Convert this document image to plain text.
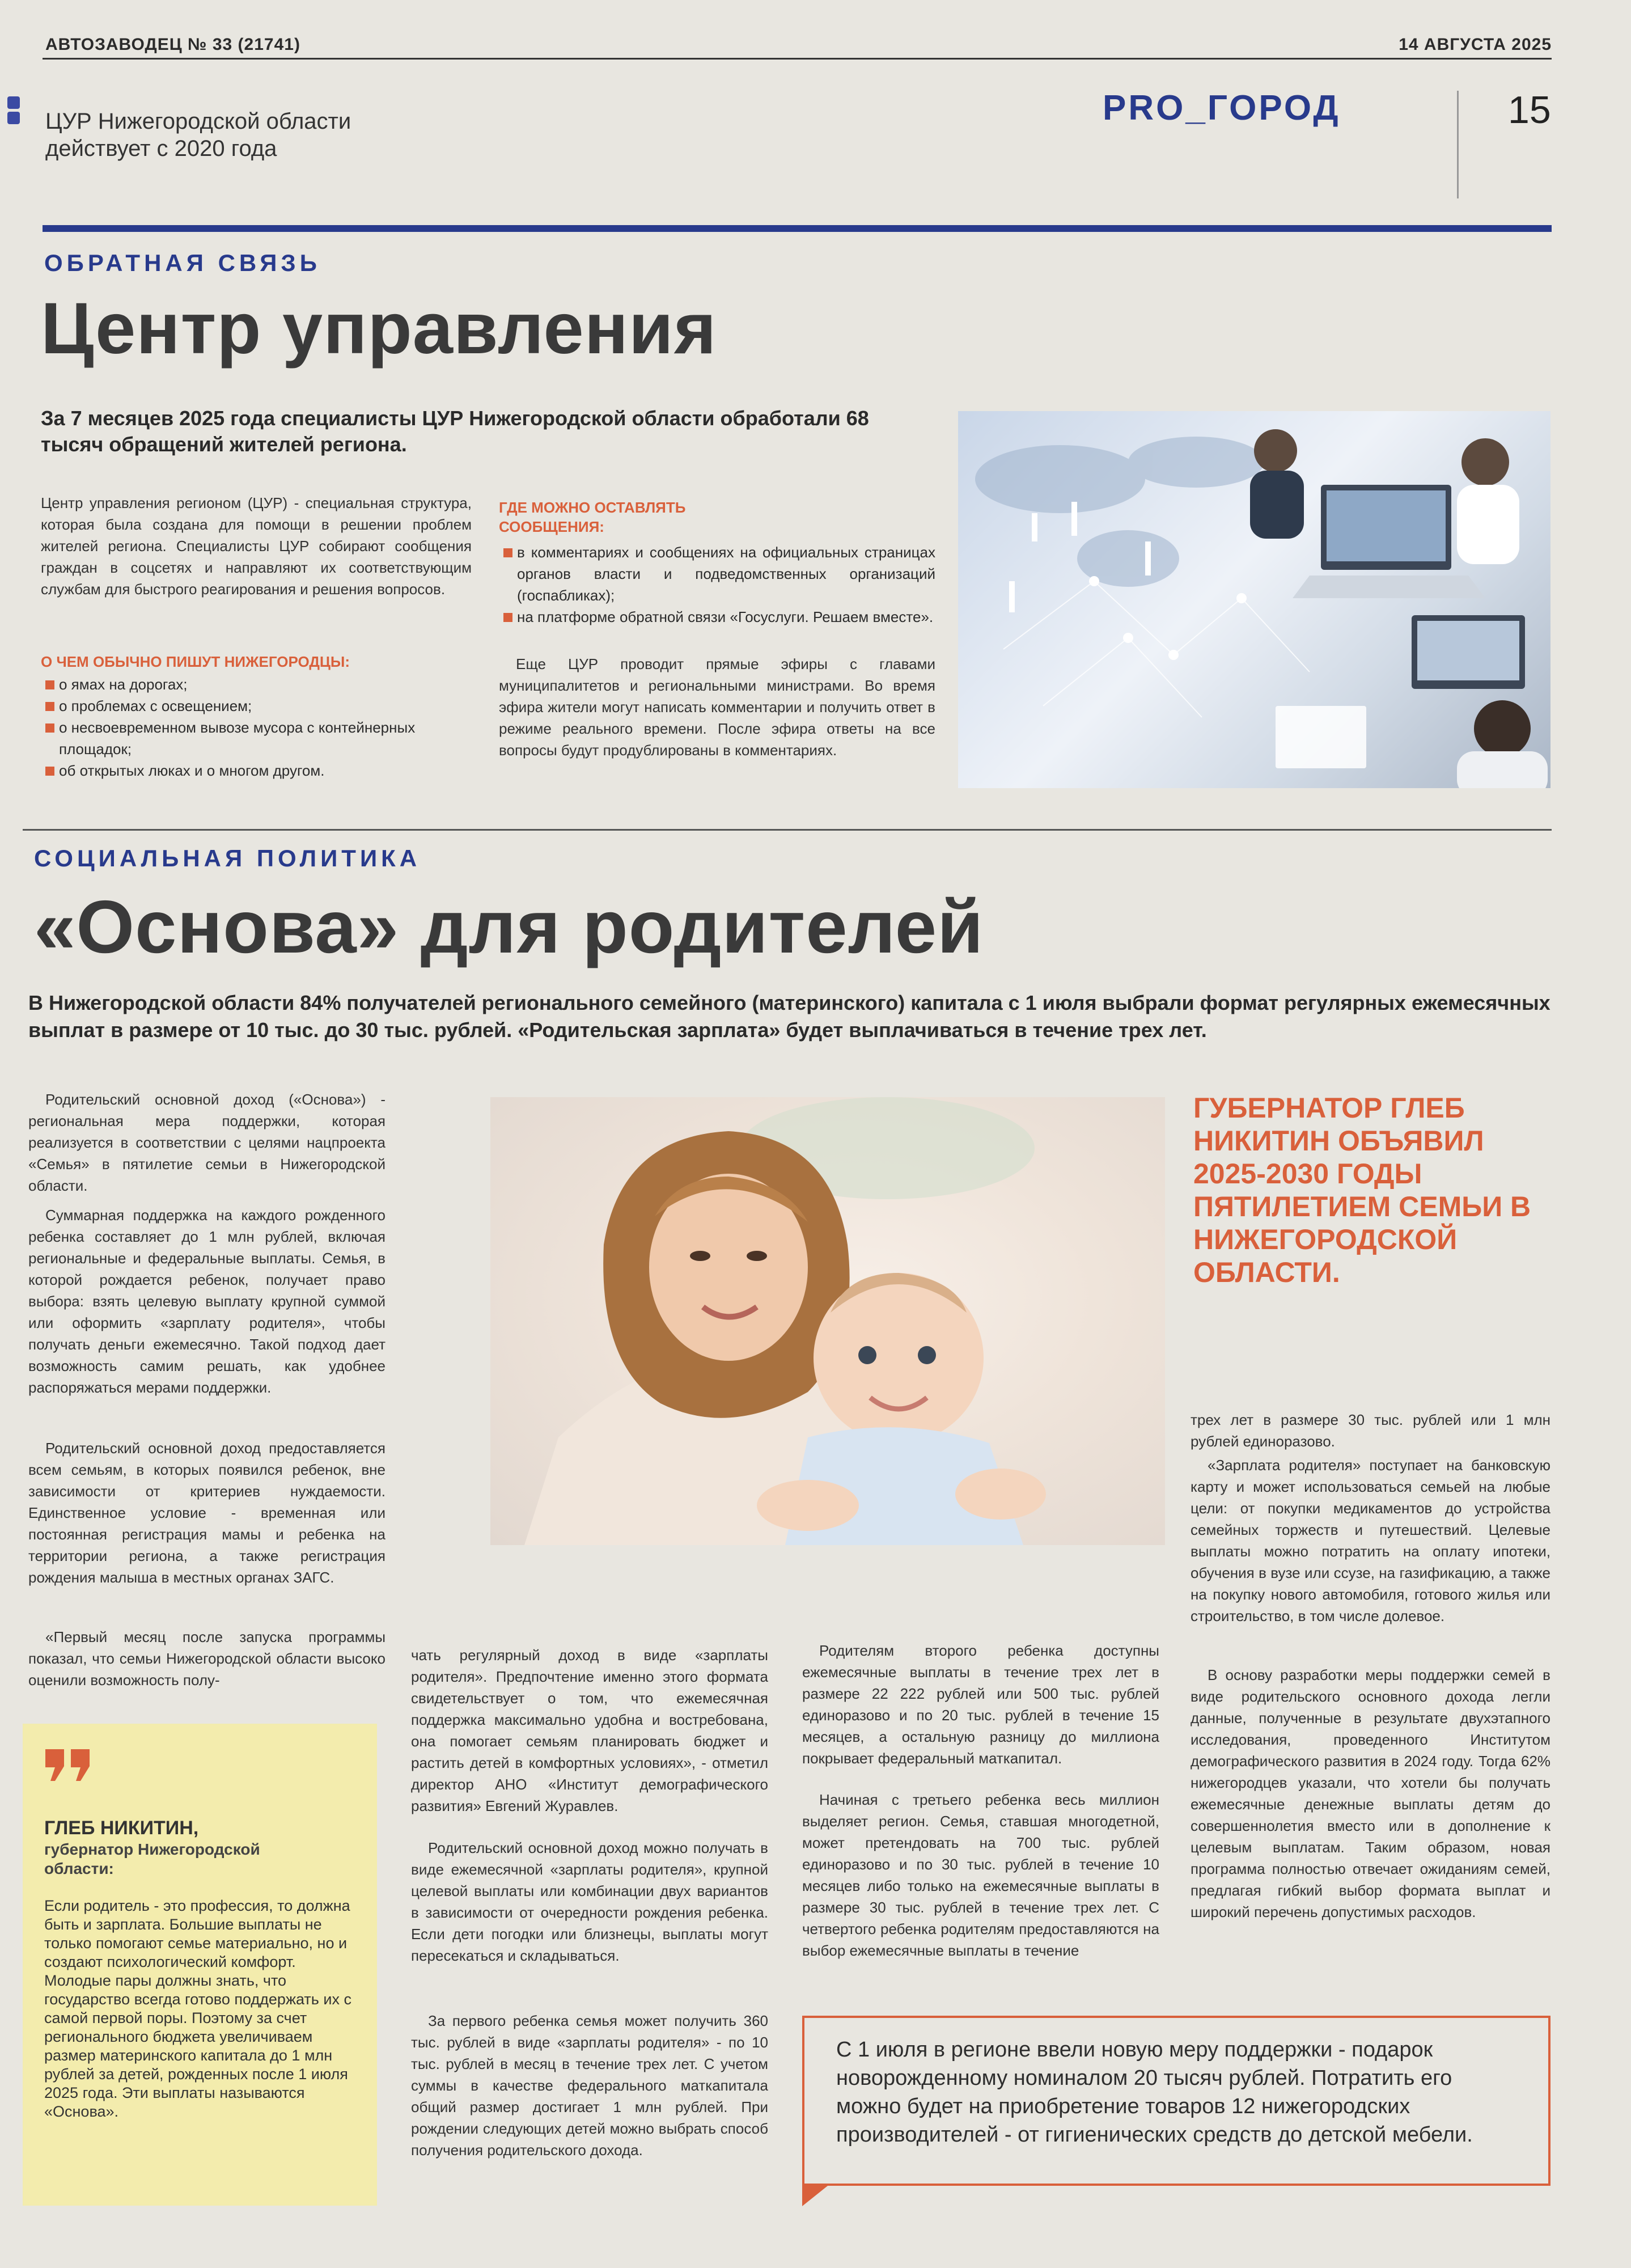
АВТОЗАВОДЕЦ № 33 (21741)	14 АВГУСТА 2025
ЦУР Нижегородской области действует с 2020 года
PRO_ГОРОД	15
ОБРАТНАЯ СВЯЗЬ
Центр управления
За 7 месяцев 2025 года специалисты ЦУР Нижегородской области обработали 68 тысяч обращений жителей региона.
Центр управления регионом (ЦУР) - специальная структура, которая была создана для помощи в решении проблем жителей региона. Специалисты ЦУР собирают сообщения граждан в соцсетях и направляют их соответствующим службам для быстрого реагирования и решения вопросов.
О ЧЕМ ОБЫЧНО ПИШУТ НИЖЕГОРОДЦЫ:
о ямах на дорогах;
о проблемах с освещением;
о несвоевременном вывозе мусора с контейнерных площадок;
об открытых люках и о многом другом.
ГДЕ МОЖНО ОСТАВЛЯТЬ СООБЩЕНИЯ:
в комментариях и сообщениях на официальных страницах органов власти и подведомственных организаций (госпабликах);
на платформе обратной связи «Госуслуги. Решаем вместе».
Еще ЦУР проводит прямые эфиры с главами муниципалитетов и региональными министрами. Во время эфира жители могут написать комментарии и получить ответ в режиме реального времени. После эфира ответы на все вопросы будут продублированы в комментариях.
СОЦИАЛЬНАЯ ПОЛИТИКА
«Основа» для родителей
В Нижегородской области 84% получателей регионального семейного (материнского) капитала с 1 июля выбрали формат регулярных ежемесячных выплат в размере от 10 тыс. до 30 тыс. рублей. «Родительская зарплата» будет выплачиваться в течение трех лет.
Родительский основной доход («Основа») - региональная мера поддержки, которая реализуется в соответствии с целями нацпроекта «Семья» в пятилетие семьи в Нижегородской области.
Суммарная поддержка на каждого рожденного ребенка составляет до 1 млн рублей, включая региональные и федеральные выплаты. Семья, в которой рождается ребенок, получает право выбора: взять целевую выплату крупной суммой или оформить «зарплату родителя», чтобы получать деньги ежемесячно. Такой подход дает возможность самим решать, как удобнее распоряжаться мерами поддержки.
Родительский основной доход предоставляется всем семьям, в которых появился ребенок, вне зависимости от критериев нуждаемости. Единственное условие - временная или постоянная регистрация мамы и ребенка на территории региона, а также регистрация рождения малыша в местных органах ЗАГС.
«Первый месяц после запуска программы показал, что семьи Нижегородской области высоко оценили возможность полу-
ГУБЕРНАТОР ГЛЕБ НИКИТИН ОБЪЯВИЛ 2025-2030 ГОДЫ ПЯТИЛЕТИЕМ СЕМЬИ В НИЖЕГОРОДСКОЙ ОБЛАСТИ.
чать регулярный доход в виде «зарплаты родителя». Предпочтение именно этого формата свидетельствует о том, что ежемесячная поддержка максимально удобна и востребована, она помогает семьям планировать бюджет и растить детей в комфортных условиях», - отметил директор АНО «Институт демографического развития» Евгений Журавлев.
Родительский основной доход можно получать в виде ежемесячной «зарплаты родителя», крупной целевой выплаты или комбинации двух вариантов в зависимости от очередности рождения ребенка. Если дети погодки или близнецы, выплаты могут пересекаться и складываться.
За первого ребенка семья может получить 360 тыс. рублей в виде «зарплаты родителя» - по 10 тыс. рублей в месяц в течение трех лет. С учетом суммы в качестве федерального маткапитала общий размер достигает 1 млн рублей. При рождении следующих детей можно выбрать способ получения родительского дохода.
Родителям второго ребенка доступны ежемесячные выплаты в течение трех лет в размере 22 222 рублей или 500 тыс. рублей единоразово и по 20 тыс. рублей в течение 15 месяцев, а остальную разницу до миллиона покрывает федеральный маткапитал.
Начиная с третьего ребенка весь миллион выделяет регион. Семья, ставшая многодетной, может претендовать на 700 тыс. рублей единоразово и по 30 тыс. рублей в течение 10 месяцев либо только на ежемесячные выплаты в размере 30 тыс. рублей в течение трех лет. С четвертого ребенка родителям предоставляются на выбор ежемесячные выплаты в течение
трех лет в размере 30 тыс. рублей или 1 млн рублей единоразово.
«Зарплата родителя» поступает на банковскую карту и может использоваться семьей на любые цели: от покупки медикаментов до устройства семейных торжеств и путешествий. Целевые выплаты можно потратить на оплату ипотеки, обучения в вузе или ссузе, на газификацию, а также на покупку нового автомобиля, готового жилья или строительство, в том числе долевое.
В основу разработки меры поддержки семей в виде родительского основного дохода легли данные, полученные в результате двухэтапного исследования, проведенного Институтом демографического развития в 2024 году. Тогда 62% нижегородцев указали, что хотели бы получать ежемесячные денежные выплаты детям до совершеннолетия вместо или в дополнение к целевым выплатам. Таким образом, новая программа полностью отвечает ожиданиям семей, предлагая гибкий выбор формата выплат и широкий перечень допустимых расходов.
ГЛЕБ НИКИТИН,
губернатор Нижегородской области:
Если родитель - это профессия, то должна быть и зарплата. Большие выплаты не только помогают семье материально, но и создают психологический комфорт. Молодые пары должны знать, что государство всегда готово поддержать их с самой первой поры. Поэтому за счет регионального бюджета увеличиваем размер материнского капитала до 1 млн рублей за детей, рожденных после 1 июля 2025 года. Эти выплаты называются «Основа».
С 1 июля в регионе ввели новую меру поддержки - подарок новорожденному номиналом 20 тысяч рублей. Потратить его можно будет на приобретение товаров 12 нижегородских производителей - от гигиенических средств до детской мебели.
